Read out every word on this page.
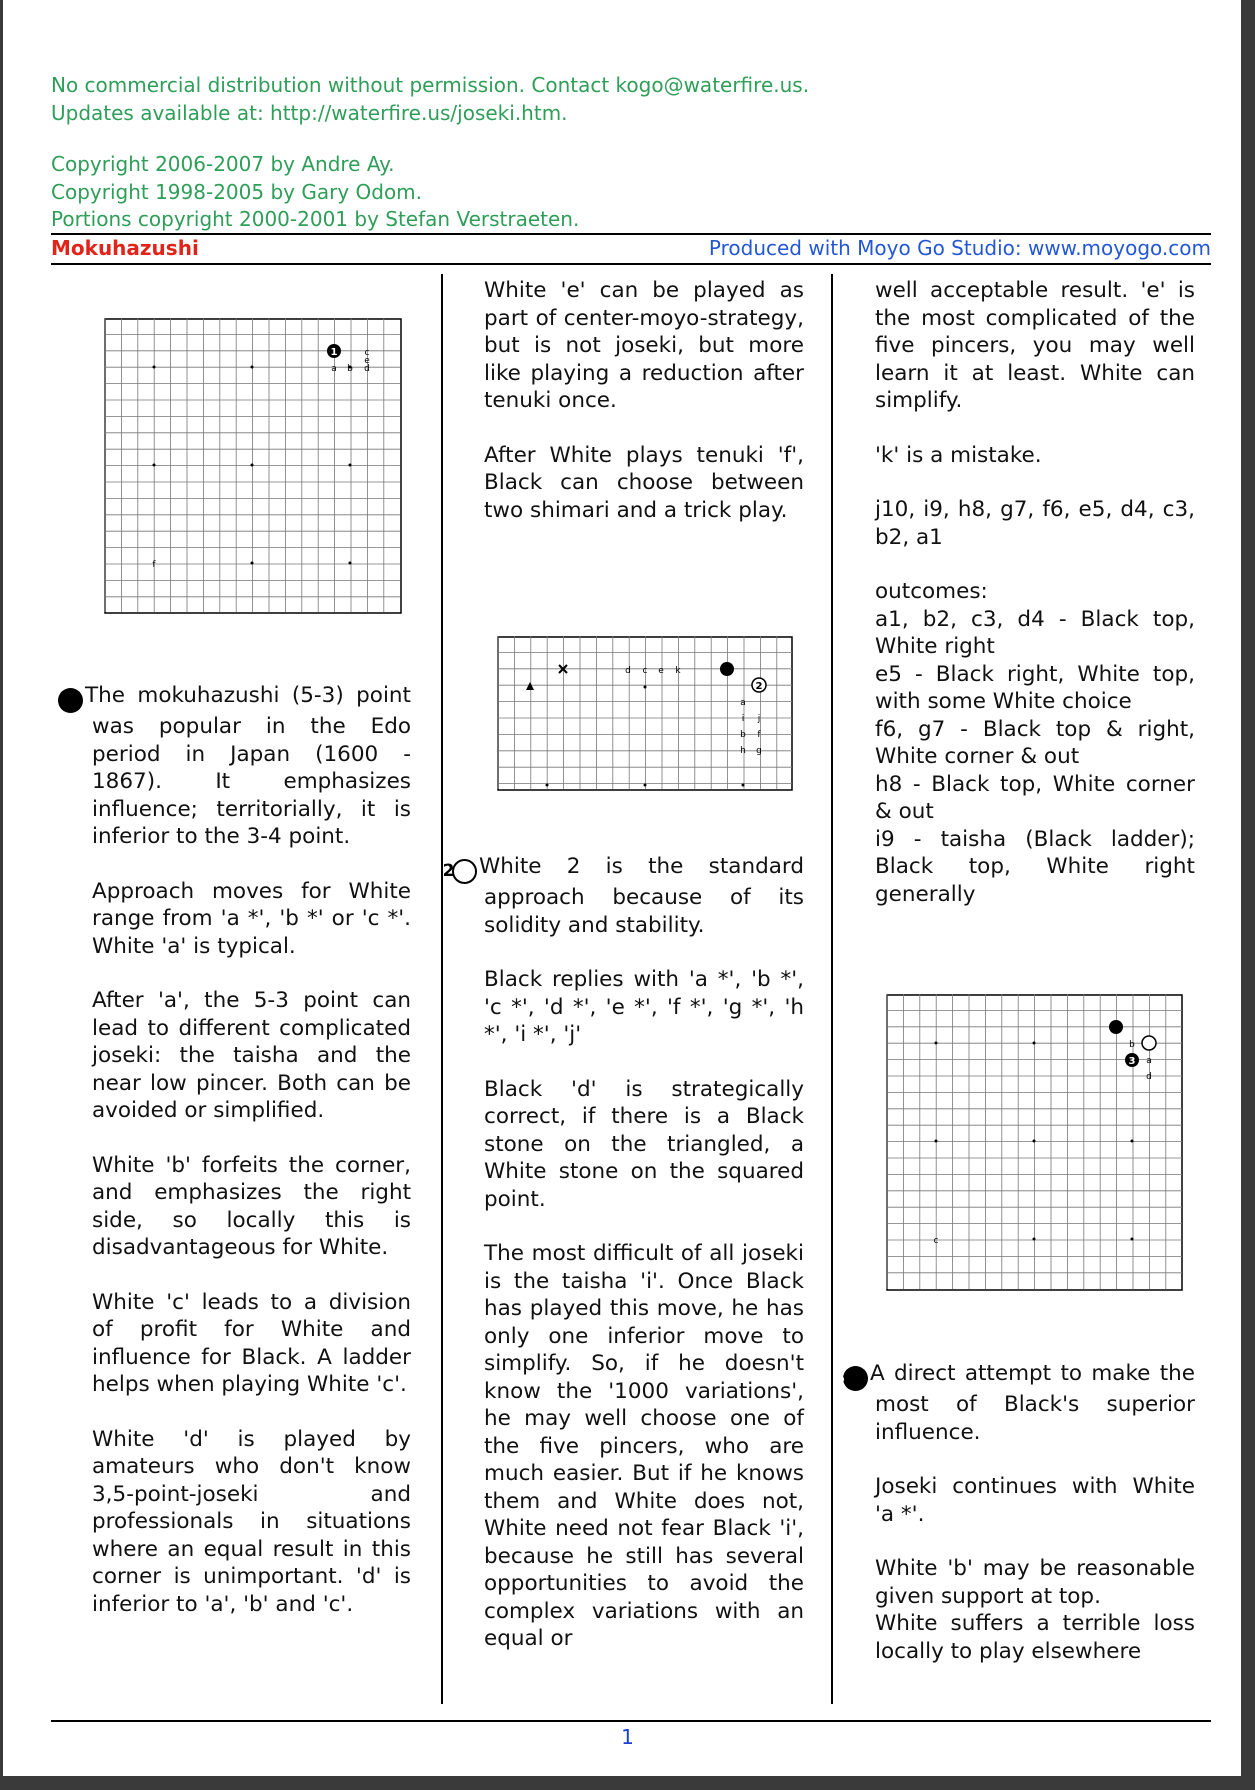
No commercial distribution without permission. Contact kogo@waterfire.us.

Updates available at: http://waterfire.us/joseki.htm.

Copyright 2006-2007 by Andre Ay.

Copyright 1998-2005 by Gary Odom.

Portions copyright 2000-2001 by Stefan Verstraeten.

Mokuhazushi	Produced with Moyo Go Studio: www.moyogo.com
1
a b
c
d
e
f

1 The mokuhazushi (5-3) point was popular in the Edo period in Japan (1600 - 1867). It emphasizes influence; territorially, it is inferior to the 3-4 point.

Approach moves for White range from 'a *', 'b *' or 'c *'. White 'a' is typical.

After 'a', the 5-3 point can lead to different complicated joseki: the taisha and the near low pincer. Both can be avoided or simplified.

White 'b' forfeits the corner, and emphasizes the right side, so locally this is disadvantageous for White.

White 'c' leads to a division of profit for White and influence for Black. A ladder helps when playing White 'c'.

White 'd' is played by amateurs who don't know 3,5-point-joseki and professionals in situations where an equal result in this corner is unimportant. 'd' is inferior to 'a', 'b' and 'c'.

White 'e' can be played as part of center-moyo-strategy, but is not joseki, but more like playing a reduction after tenuki once.

After White plays tenuki 'f', Black can choose between two shimari and a trick play.

2
a
b
c
d	e
f
g
h
i j
k

2 White 2 is the standard approach because of its solidity and stability.

Black replies with 'a *', 'b *', 'c *', 'd *', 'e *', 'f *', 'g *', 'h *', 'i *', 'j'

Black 'd' is strategically correct, if there is a Black stone on the triangled, a White stone on the squared point.

The most difficult of all joseki is the taisha 'i'. Once Black has played this move, he has only one inferior move to simplify. So, if he doesn't know the '1000 variations', he may well choose one of the five pincers, who are much easier. But if he knows them and White does not, White need not fear Black 'i', because he still has several opportunities to avoid the complex variations with an equal or

well acceptable result. 'e' is the most complicated of the five pincers, you may well learn it at least. White can simplify.

'k' is a mistake.

j10, i9, h8, g7, f6, e5, d4, c3, b2, a1

outcomes:

a1, b2, c3, d4 - Black top, White right

e5 - Black right, White top, with some White choice

f6, g7 - Black top & right, White corner & out

h8 - Black top, White corner & out

i9 - taisha (Black ladder); Black top, White right generally

3 a
b
c
d

3 A direct attempt to make the most of Black's superior influence.

Joseki continues with White 'a *'.

White 'b' may be reasonable given support at top.

White suffers a terrible loss locally to play elsewhere

1
